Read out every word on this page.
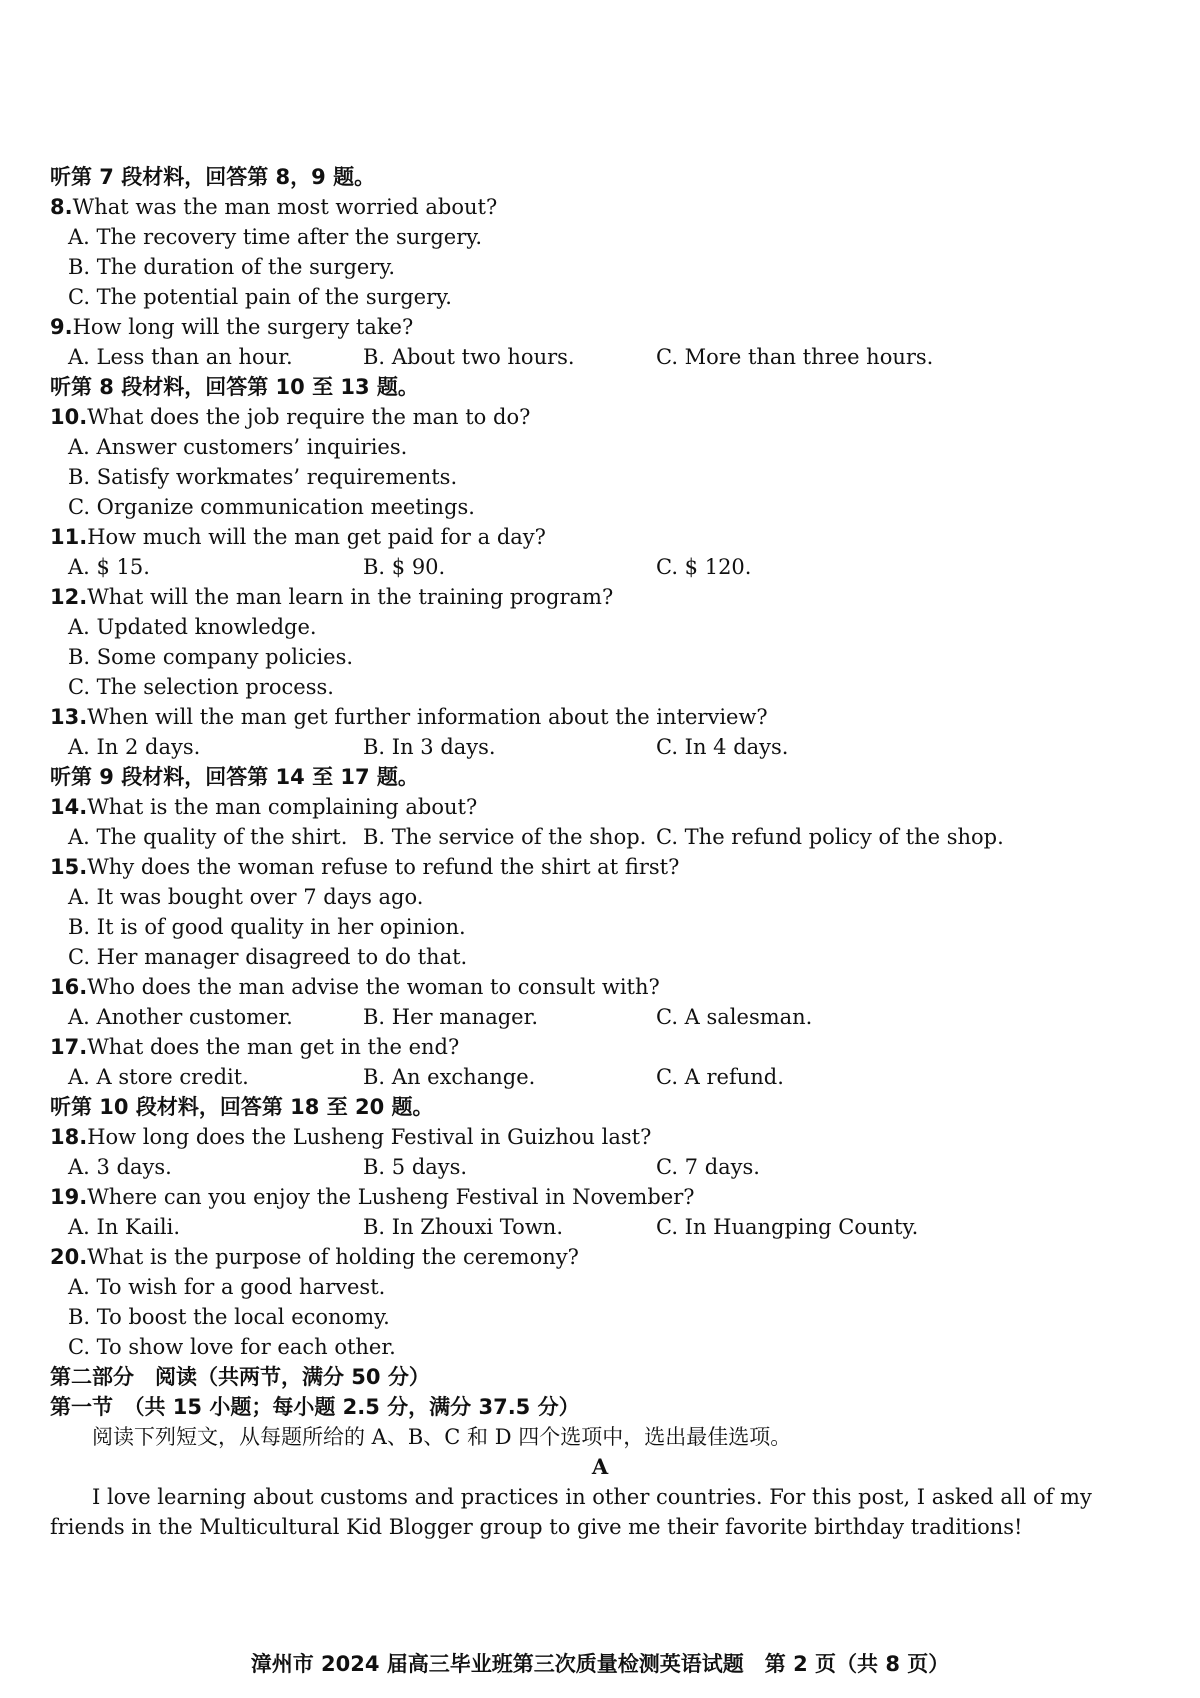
听第 7 段材料，回答第 8，9 题。
8.What was the man most worried about?
A. The recovery time after the surgery.
B. The duration of the surgery.
C. The potential pain of the surgery.
9.How long will the surgery take?
A. Less than an hour.	B. About two hours.	C. More than three hours.
听第 8 段材料，回答第 10 至 13 题。
10.What does the job require the man to do?
A. Answer customers’ inquiries.
B. Satisfy workmates’ requirements.
C. Organize communication meetings.
11.How much will the man get paid for a day?
A. $ 15.	B. $ 90.	C. $ 120.
12.What will the man learn in the training program?
A. Updated knowledge.
B. Some company policies.
C. The selection process.
13.When will the man get further information about the interview?
A. In 2 days.	B. In 3 days.	C. In 4 days.
听第 9 段材料，回答第 14 至 17 题。
14.What is the man complaining about?
A. The quality of the shirt. B. The service of the shop. C. The refund policy of the shop.
15.Why does the woman refuse to refund the shirt at first?
A. It was bought over 7 days ago.
B. It is of good quality in her opinion.
C. Her manager disagreed to do that.
16.Who does the man advise the woman to consult with?
A. Another customer.	B. Her manager.	C. A salesman.
17.What does the man get in the end?
A. A store credit.	B. An exchange.	C. A refund.
听第 10 段材料，回答第 18 至 20 题。
18.How long does the Lusheng Festival in Guizhou last?
A. 3 days.	B. 5 days.	C. 7 days.
19.Where can you enjoy the Lusheng Festival in November?
A. In Kaili.	B. In Zhouxi Town.	C. In Huangping County.
20.What is the purpose of holding the ceremony?
A. To wish for a good harvest.
B. To boost the local economy.
C. To show love for each other.
第二部分　阅读（共两节，满分 50 分）
第一节　（共 15 小题；每小题 2.5 分，满分 37.5 分）
阅读下列短文，从每题所给的 A、B、C 和 D 四个选项中，选出最佳选项。
A
I love learning about customs and practices in other countries. For this post, I asked all of my friends in the Multicultural Kid Blogger group to give me their favorite birthday traditions!
漳州市 2024 届高三毕业班第三次质量检测英语试题　第 2 页（共 8 页）
